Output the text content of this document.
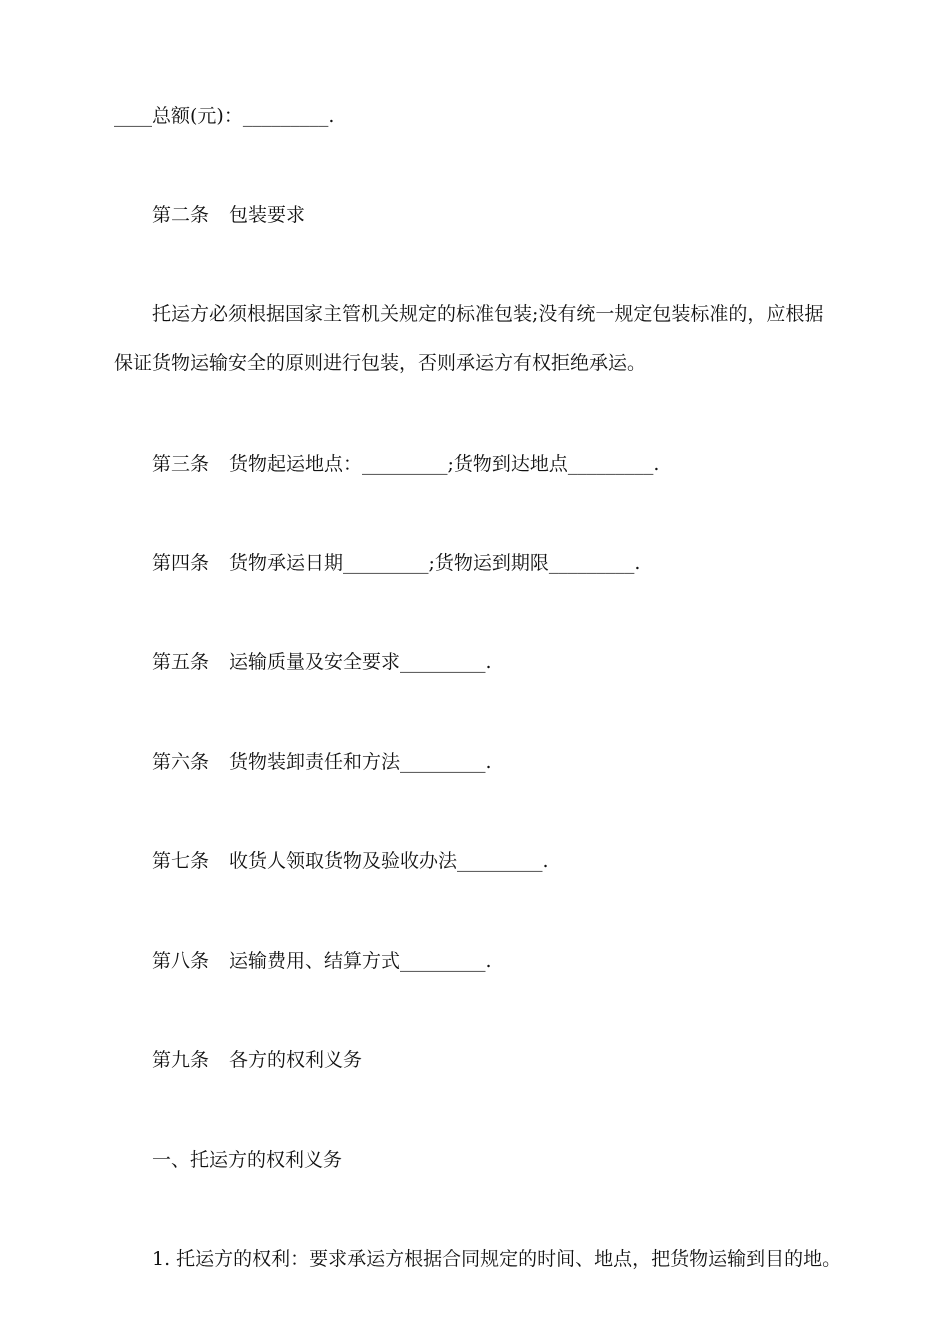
____总额(元)：_________.
第二条 包装要求
托运方必须根据国家主管机关规定的标准包装;没有统一规定包装标准的，应根据
保证货物运输安全的原则进行包装，否则承运方有权拒绝承运。
第三条 货物起运地点：_________;货物到达地点_________.
第四条 货物承运日期_________;货物运到期限_________.
第五条 运输质量及安全要求_________.
第六条 货物装卸责任和方法_________.
第七条 收货人领取货物及验收办法_________.
第八条 运输费用、结算方式_________.
第九条 各方的权利义务
一、托运方的权利义务
1. 托运方的权利：要求承运方根据合同规定的时间、地点，把货物运输到目的地。
